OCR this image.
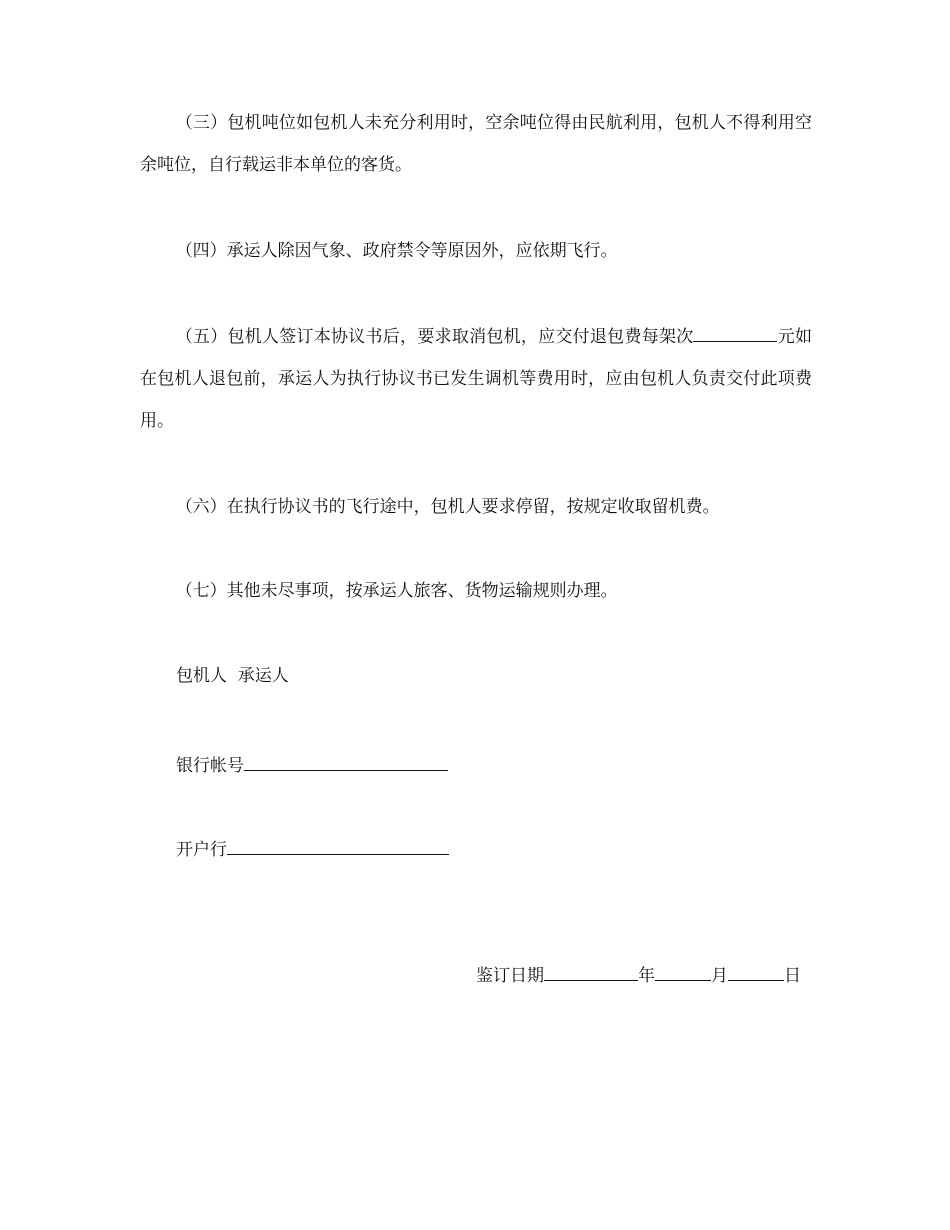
（三）包机吨位如包机人未充分利用时，空余吨位得由民航利用，包机人不得利用空余吨位，自行载运非本单位的客货。

（四）承运人除因气象、政府禁令等原因外，应依期飞行。

（五）包机人签订本协议书后，要求取消包机，应交付退包费每架次	元如在包机人退包前，承运人为执行协议书已发生调机等费用时，应由包机人负责交付此项费用。

（六）在执行协议书的飞行途中，包机人要求停留，按规定收取留机费。

（七）其他未尽事项，按承运人旅客、货物运输规则办理。

包机人  承运人

银行帐号

开户行

鉴订日期	年	月	日
